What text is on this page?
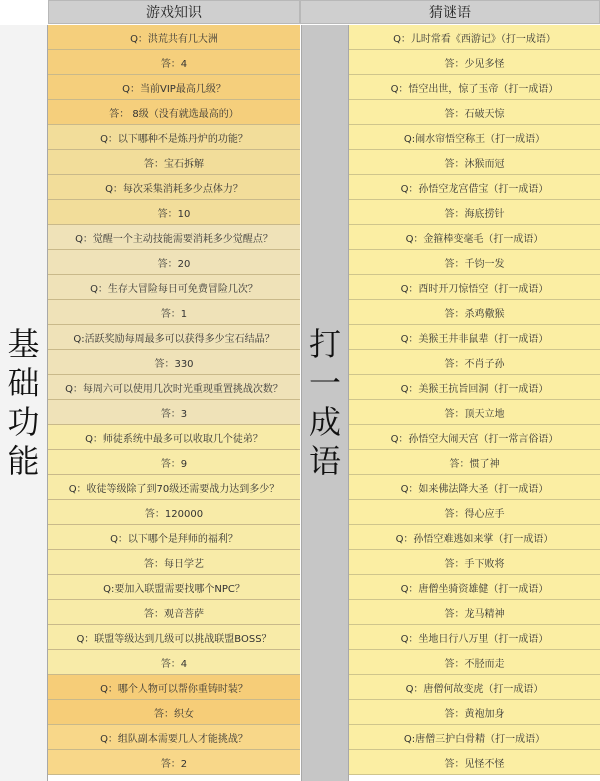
游戏知识	猜谜语
基
础
功
能
Q：洪荒共有几大洲
答：4
Q：当前VIP最高几级？
答： 8级（没有就选最高的）
Q：以下哪种不是炼丹炉的功能？
答：宝石拆解
Q：每次采集消耗多少点体力？
答：10
Q：觉醒一个主动技能需要消耗多少觉醒点？
答：20
Q：生存大冒险每日可免费冒险几次？
答：1
Q:活跃奖励每周最多可以获得多少宝石结晶？
答：330
Q：每周六可以使用几次时光重现重置挑战次数？
答：3
Q：师徒系统中最多可以收取几个徒弟？
答：9
Q：收徒等级除了到70级还需要战力达到多少？
答：120000
Q：以下哪个是拜师的福利？
答：每日学艺
Q:要加入联盟需要找哪个NPC？
答：观音菩萨
Q：联盟等级达到几级可以挑战联盟BOSS？
答：4
Q：哪个人物可以帮你重铸时装？
答：织女
Q：组队副本需要几人才能挑战？
答：2
打
一
成
语
Q：儿时常看《西游记》（打一成语）
答：少见多怪
Q：悟空出世，惊了玉帝（打一成语）
答：石破天惊
Q:闹水帘悟空称王（打一成语）
答：沐猴而冠
Q：孙悟空龙宫借宝（打一成语）
答：海底捞针
Q：金箍棒变毫毛（打一成语）
答：千钧一发
Q：酉时开刀惊悟空（打一成语）
答：杀鸡儆猴
Q：美猴王井非鼠辈（打一成语）
答：不肖子孙
Q：美猴王抗旨回洞（打一成语）
答：顶天立地
Q：孙悟空大闹天宫（打一常言俗语）
答：惯了神
Q：如来佛法降大圣（打一成语）
答：得心应手
Q：孙悟空难逃如来掌（打一成语）
答：手下败将
Q：唐僧坐骑资雄健（打一成语）
答：龙马精神
Q：坐地日行八万里（打一成语）
答：不胫而走
Q：唐僧何故变虎（打一成语）
答：黄袍加身
Q:唐僧三护白骨精（打一成语）
答：见怪不怪
